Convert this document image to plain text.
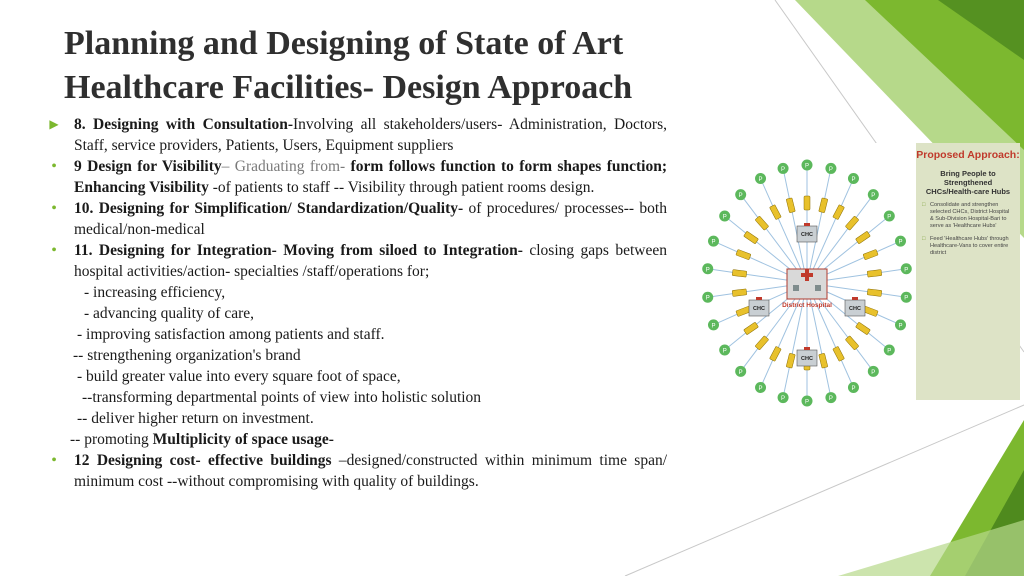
Planning and Designing of State of Art
Healthcare Facilities- Design Approach
▶ 8. Designing with Consultation-Involving all stakeholders/users- Administration, Doctors, Staff, service providers, Patients, Users, Equipment suppliers
•	9 Design for Visibility– Graduating from- form follows function to form shapes function; Enhancing Visibility -of patients to staff -- Visibility through patient rooms design.
•	10. Designing for Simplification/ Standardization/Quality- of procedures/ processes-- both medical/non-medical
•	11. Designing for Integration- Moving from siloed to Integration- closing gaps between hospital activities/action- specialties /staff/operations for;
- increasing efficiency,
- advancing quality of care,
- improving satisfaction among patients and staff.
-- strengthening organization's brand
- build greater value into every square foot of space,
--transforming departmental points of view into holistic solution
-- deliver higher return on investment.
-- promoting Multiplicity of space usage-
•	12 Designing cost- effective buildings –designed/constructed within minimum time span/ minimum cost --without compromising with quality of buildings.
P
P
P
P
P
P
P
P
P
P
P
P
P
P
P
P
P
P
P
P
P
P
P
P
P
P
CHC
CHC	CHC
CHC
District Hospital
Proposed Approach:
Bring People to Strengthened CHCs/Health-care Hubs
□ Consolidate and strengthen selected CHCs, District Hospital & Sub-Division Hospital-Bari to serve as 'Healthcare Hubs'
□ Feed 'Healthcare Hubs' through Healthcare-Vans to cover entire district
